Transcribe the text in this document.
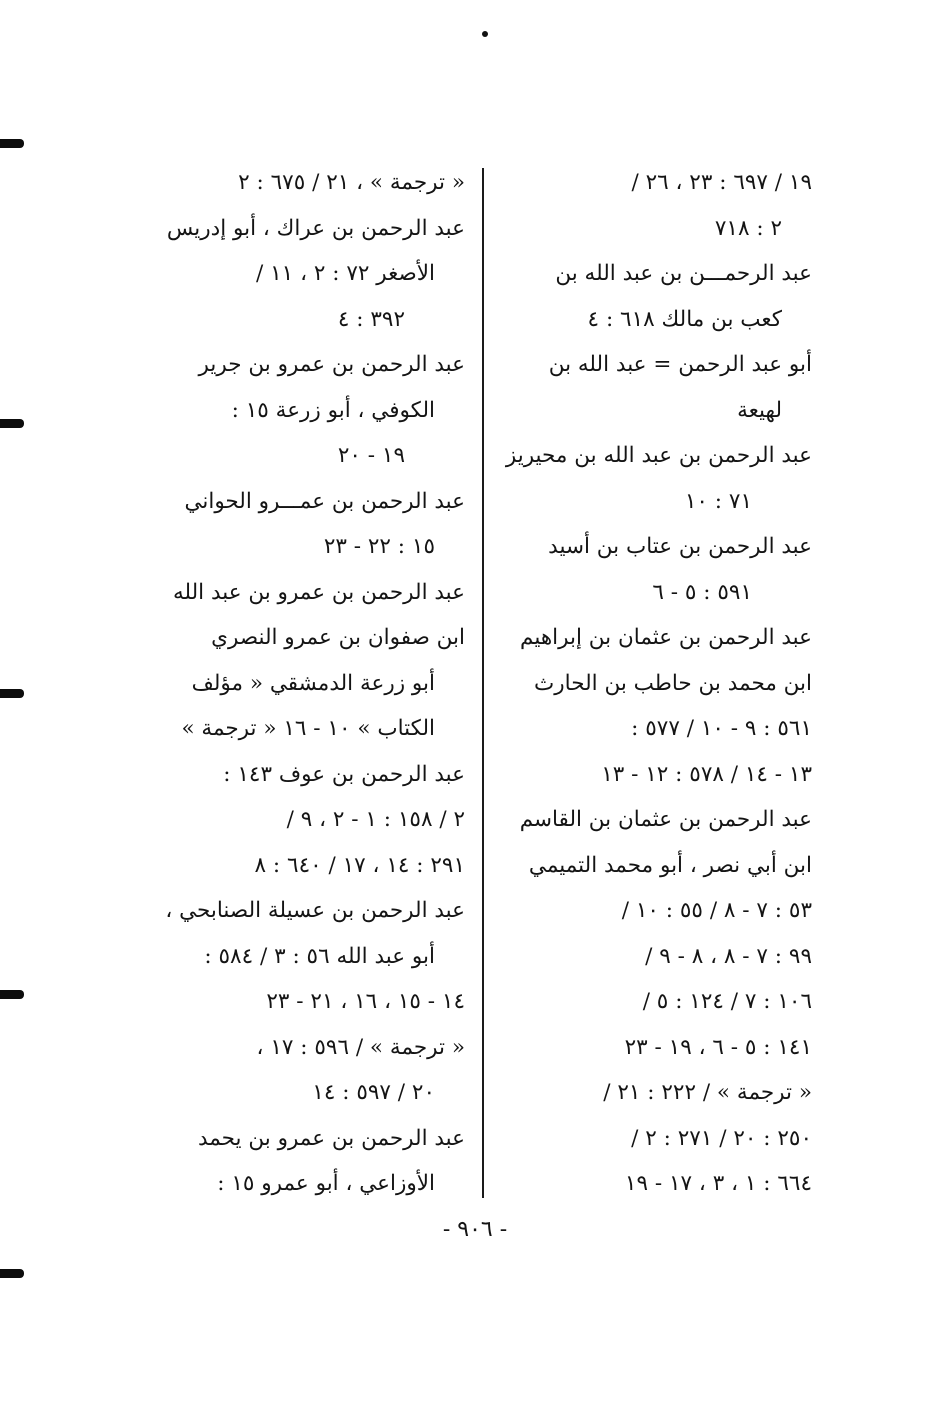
١٩ / ٦٩٧ : ٢٣ ، ٢٦ /
٢ : ٧١٨
عبد الرحمـــن بن عبد الله بن
كعب بن مالك ٦١٨ : ٤
أبو عبد الرحمن = عبد الله بن
لهيعة
عبد الرحمن بن عبد الله بن محيريز
٧١ : ١٠
عبد الرحمن بن عتاب بن أسيد
٥٩١ : ٥ - ٦
عبد الرحمن بن عثمان بن إبراهيم
ابن محمد بن حاطب بن الحارث
٥٦١ : ٩ - ١٠ / ٥٧٧ :
١٣ - ١٤ / ٥٧٨ : ١٢ - ١٣
عبد الرحمن بن عثمان بن القاسم
ابن أبي نصر ، أبو محمد التميمي
٥٣ : ٧ - ٨ / ٥٥ : ١٠ /
٩٩ : ٧ - ٨ ، ٨ - ٩ /
١٠٦ : ٧ / ١٢٤ : ٥ /
١٤١ : ٥ - ٦ ، ١٩ - ٢٣
« ترجمة » / ٢٢٢ : ٢١ /
٢٥٠ : ٢٠ / ٢٧١ : ٢ /
٦٦٤ : ١ ، ٣ ، ١٧ - ١٩
« ترجمة » ، ٢١ / ٦٧٥ : ٢
عبد الرحمن بن عراك ، أبو إدريس
الأصغر ٧٢ : ٢ ، ١١ /
٣٩٢ : ٤
عبد الرحمن بن عمرو بن جرير
الكوفي ، أبو زرعة ١٥ :
١٩ - ٢٠
عبد الرحمن بن عمـــرو الحواني
١٥ : ٢٢ - ٢٣
عبد الرحمن بن عمرو بن عبد الله
ابن صفوان بن عمرو النصري
أبو زرعة الدمشقي « مؤلف
الكتاب » ١٠ - ١٦ « ترجمة »
عبد الرحمن بن عوف ١٤٣ :
٢ / ١٥٨ : ١ - ٢ ، ٩ /
٢٩١ : ١٤ ، ١٧ / ٦٤٠ : ٨
عبد الرحمن بن عسيلة الصنابحي ،
أبو عبد الله ٥٦ : ٣ / ٥٨٤ :
١٤ - ١٥ ، ١٦ ، ٢١ - ٢٣
« ترجمة » / ٥٩٦ : ١٧ ،
٢٠ / ٥٩٧ : ١٤
عبد الرحمن بن عمرو بن يحمد
الأوزاعي ، أبو عمرو ١٥ :
- ٩٠٦ -
